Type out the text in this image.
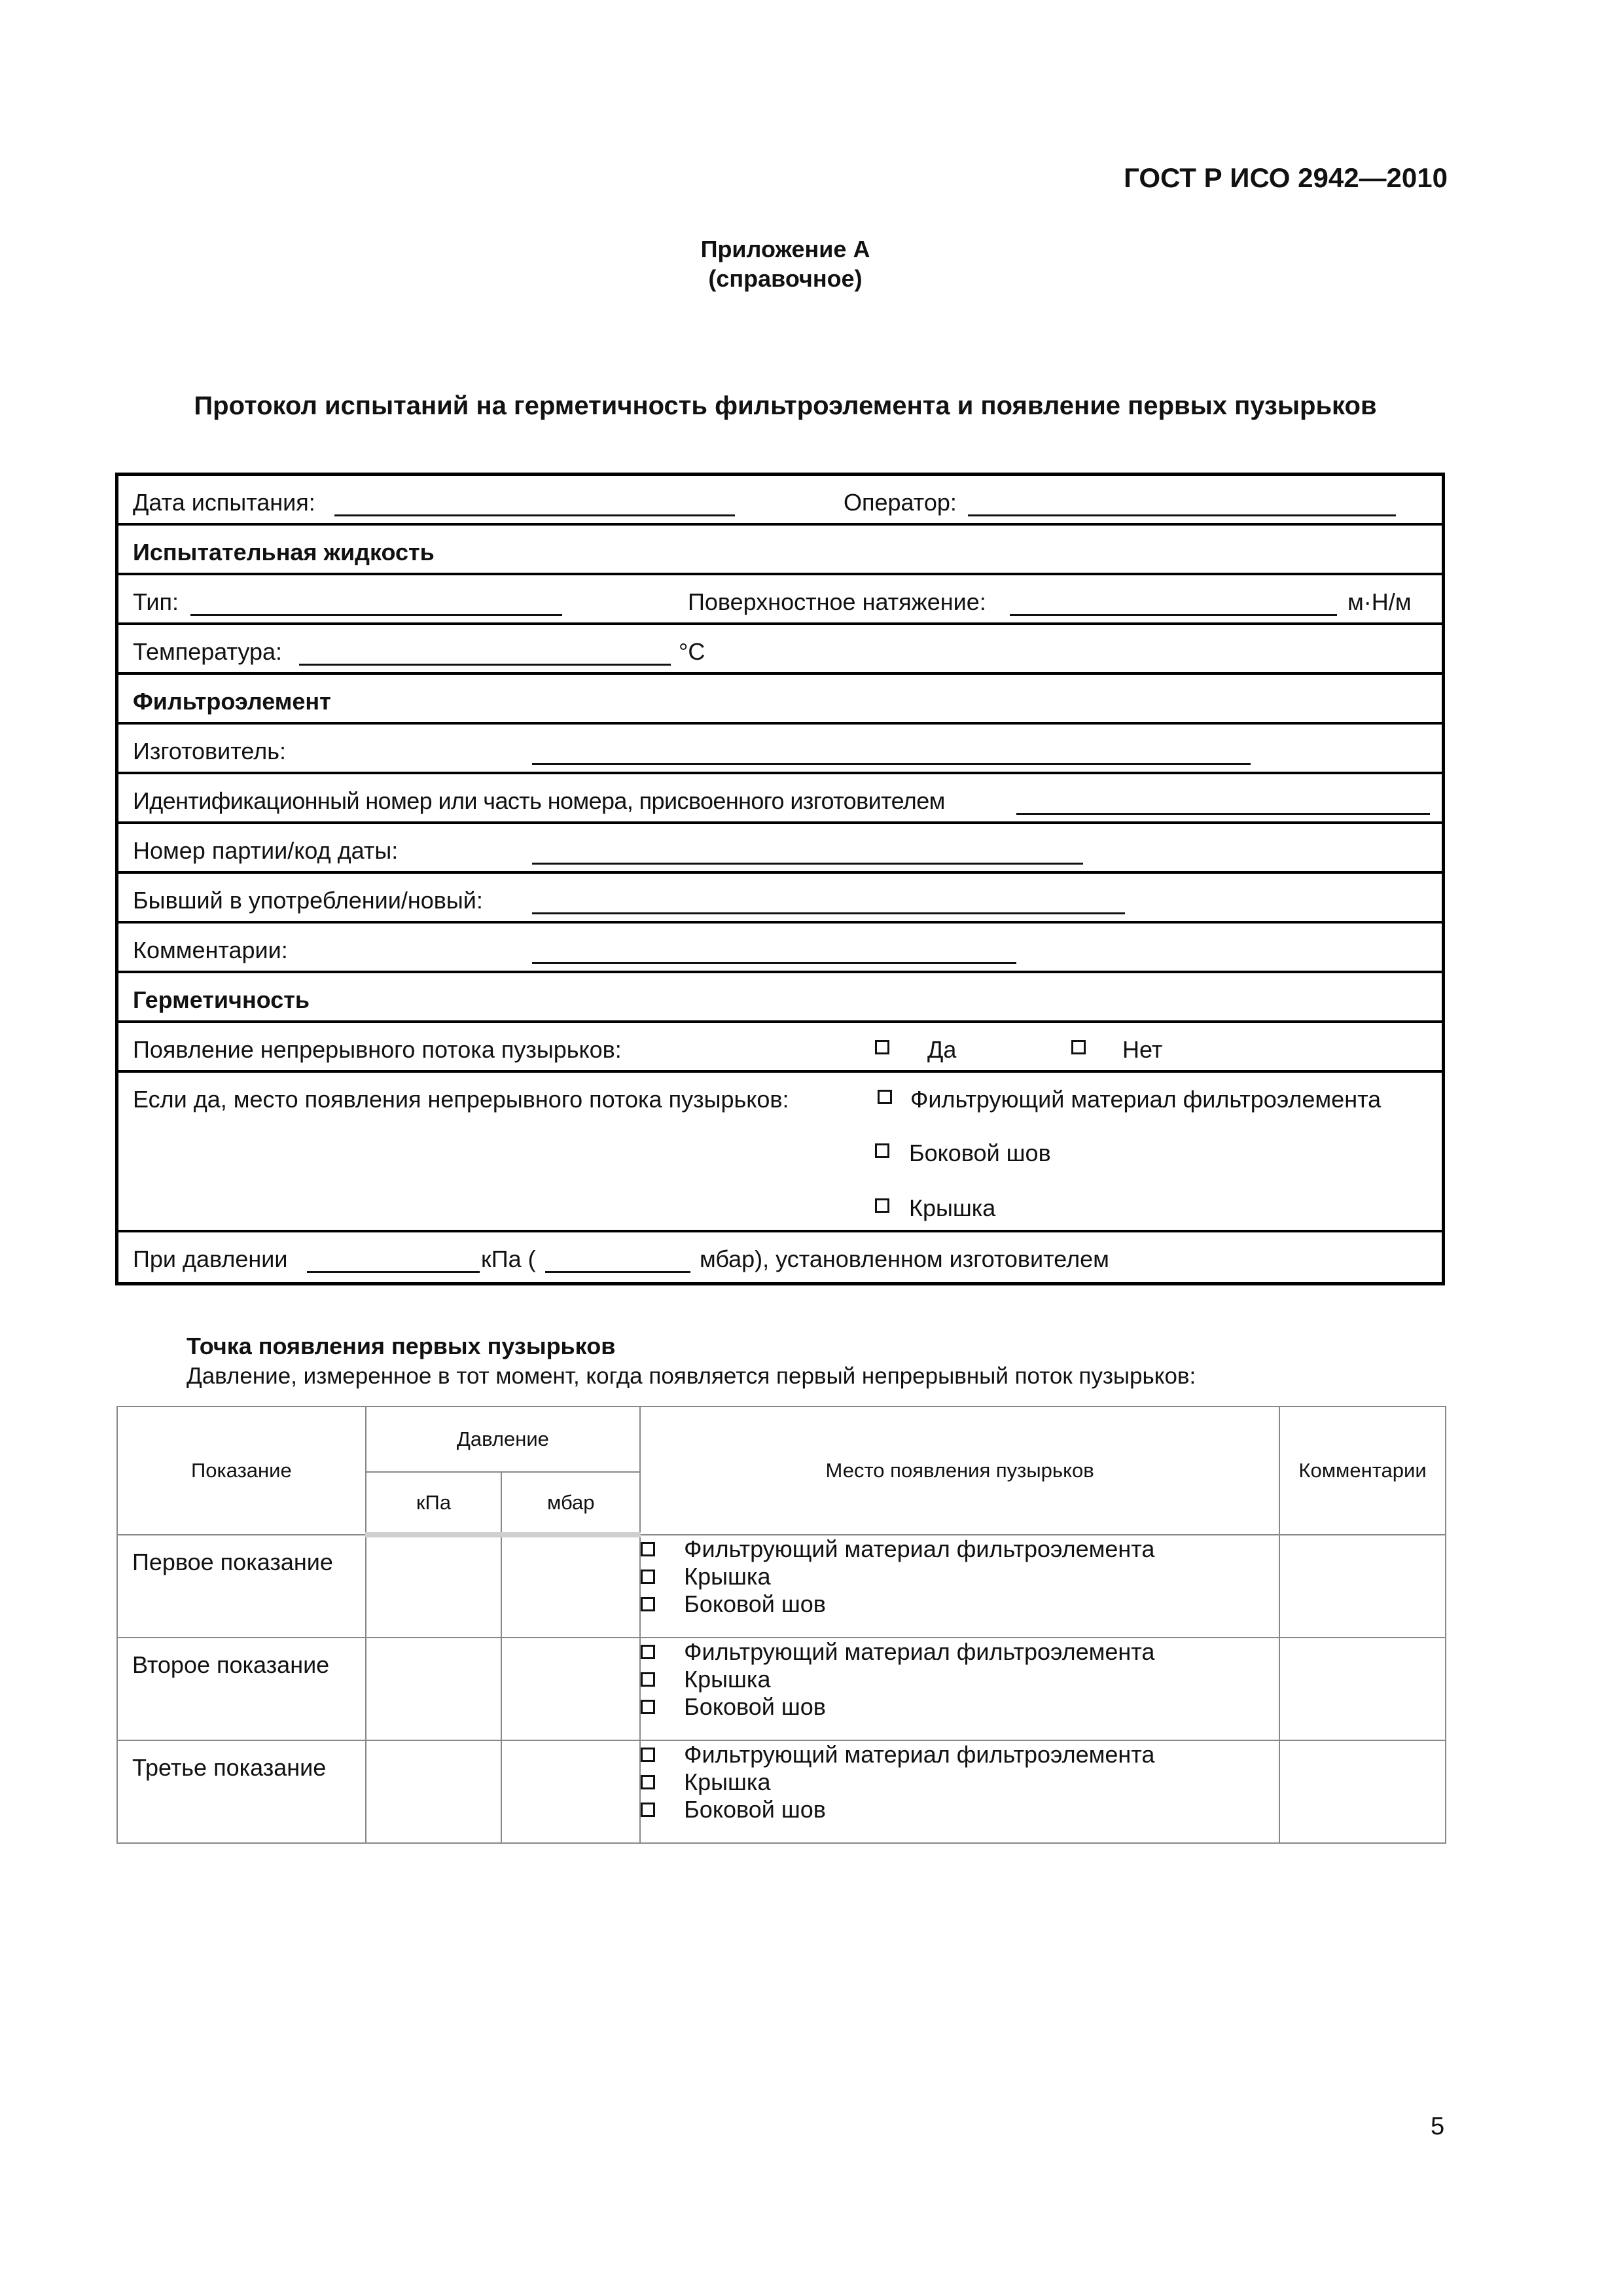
ГОСТ Р ИСО 2942—2010
Приложение А
(справочное)
Протокол испытаний на герметичность фильтроэлемента и появление первых пузырьков
Дата испытания:	Оператор:
Испытательная жидкость
Тип:	Поверхностное натяжение:	м·Н/м
Температура:	°С
Фильтроэлемент
Изготовитель:
Идентификационный номер или часть номера, присвоенного изготовителем
Номер партии/код даты:
Бывший в употреблении/новый:
Комментарии:
Герметичность
Появление непрерывного потока пузырьков:	Да	Нет
Если да, место появления непрерывного потока пузырьков:	Фильтрующий материал фильтроэлемента
Боковой шов
Крышка
При давлении	кПа (	мбар), установленном изготовителем
Точка появления первых пузырьков
Давление, измеренное в тот момент, когда появляется первый непрерывный поток пузырьков:
Показание	Давление		Место появления пузырьков	Комментарии
	кПа	мбар		
Первое показание			Фильтрующий материал фильтроэлемента
Крышка
Боковой шов	

Второе показание			Фильтрующий материал фильтроэлемента
Крышка
Боковой шов	

Третье показание			Фильтрующий материал фильтроэлемента
Крышка
Боковой шов	

5
